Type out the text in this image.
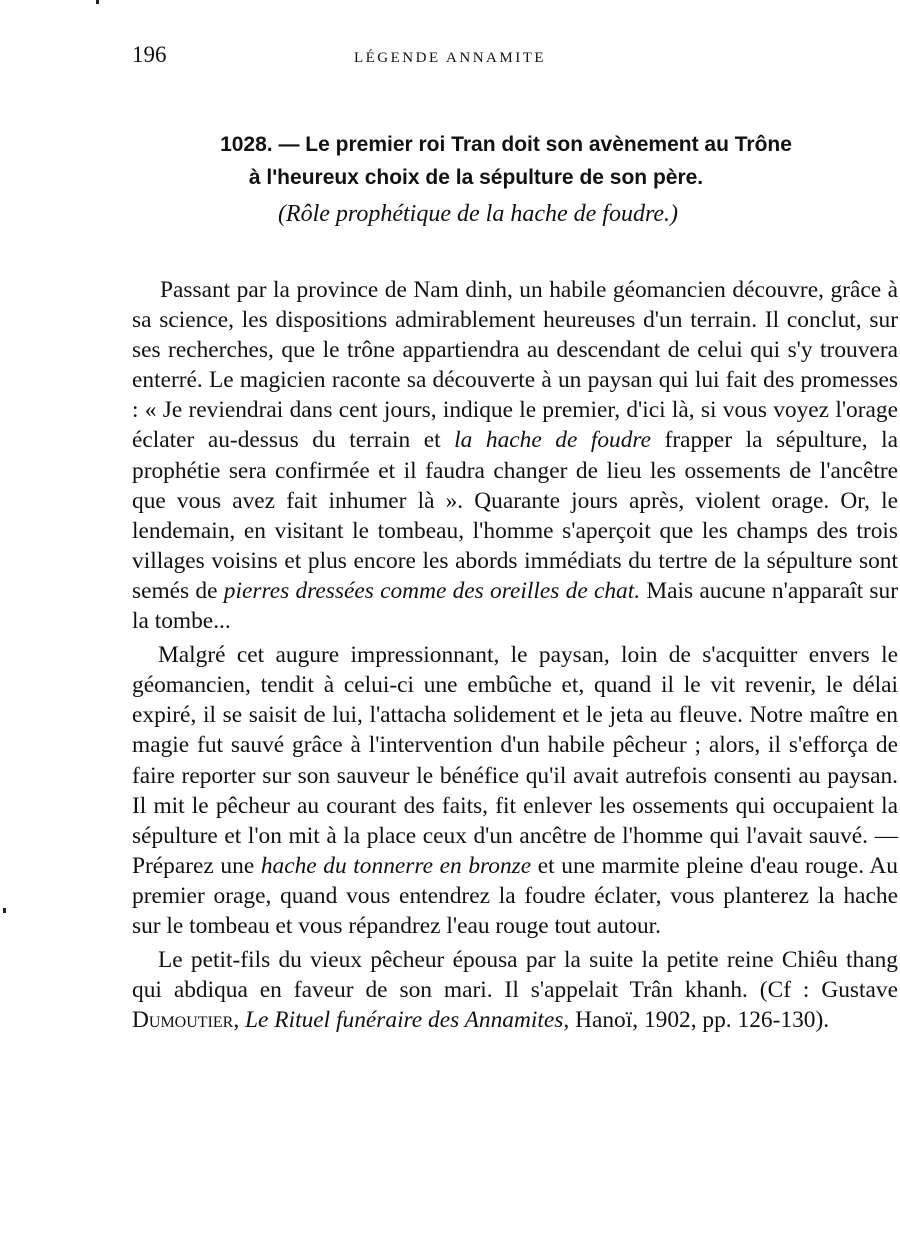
196	LÉGENDE ANNAMITE

1028. — Le premier roi Tran doit son avènement au Trône

à l'heureux choix de la sépulture de son père.

(Rôle prophétique de la hache de foudre.)

Passant par la province de Nam dinh, un habile géomancien découvre, grâce à sa science, les dispositions admirablement heureuses d'un terrain. Il conclut, sur ses recherches, que le trône appartiendra au descendant de celui qui s'y trouvera enterré. Le magicien raconte sa découverte à un paysan qui lui fait des promesses : « Je reviendrai dans cent jours, indique le premier, d'ici là, si vous voyez l'orage éclater au-dessus du terrain et la hache de foudre frapper la sépulture, la prophétie sera confirmée et il faudra changer de lieu les ossements de l'ancêtre que vous avez fait inhumer là ». Quarante jours après, violent orage. Or, le lendemain, en visitant le tombeau, l'homme s'aperçoit que les champs des trois villages voisins et plus encore les abords immédiats du tertre de la sépulture sont semés de pierres dressées comme des oreilles de chat. Mais aucune n'apparaît sur la tombe...

Malgré cet augure impressionnant, le paysan, loin de s'acquitter envers le géomancien, tendit à celui-ci une embûche et, quand il le vit revenir, le délai expiré, il se saisit de lui, l'attacha solidement et le jeta au fleuve. Notre maître en magie fut sauvé grâce à l'intervention d'un habile pêcheur ; alors, il s'efforça de faire reporter sur son sauveur le bénéfice qu'il avait autrefois consenti au paysan. Il mit le pêcheur au courant des faits, fit enlever les ossements qui occupaient la sépulture et l'on mit à la place ceux d'un ancêtre de l'homme qui l'avait sauvé. — Préparez une hache du tonnerre en bronze et une marmite pleine d'eau rouge. Au premier orage, quand vous entendrez la foudre éclater, vous planterez la hache sur le tombeau et vous répandrez l'eau rouge tout autour.

Le petit-fils du vieux pêcheur épousa par la suite la petite reine Chiêu thang qui abdiqua en faveur de son mari. Il s'appelait Trân khanh. (Cf : Gustave Dumoutier, Le Rituel funéraire des Annamites, Hanoï, 1902, pp. 126-130).
